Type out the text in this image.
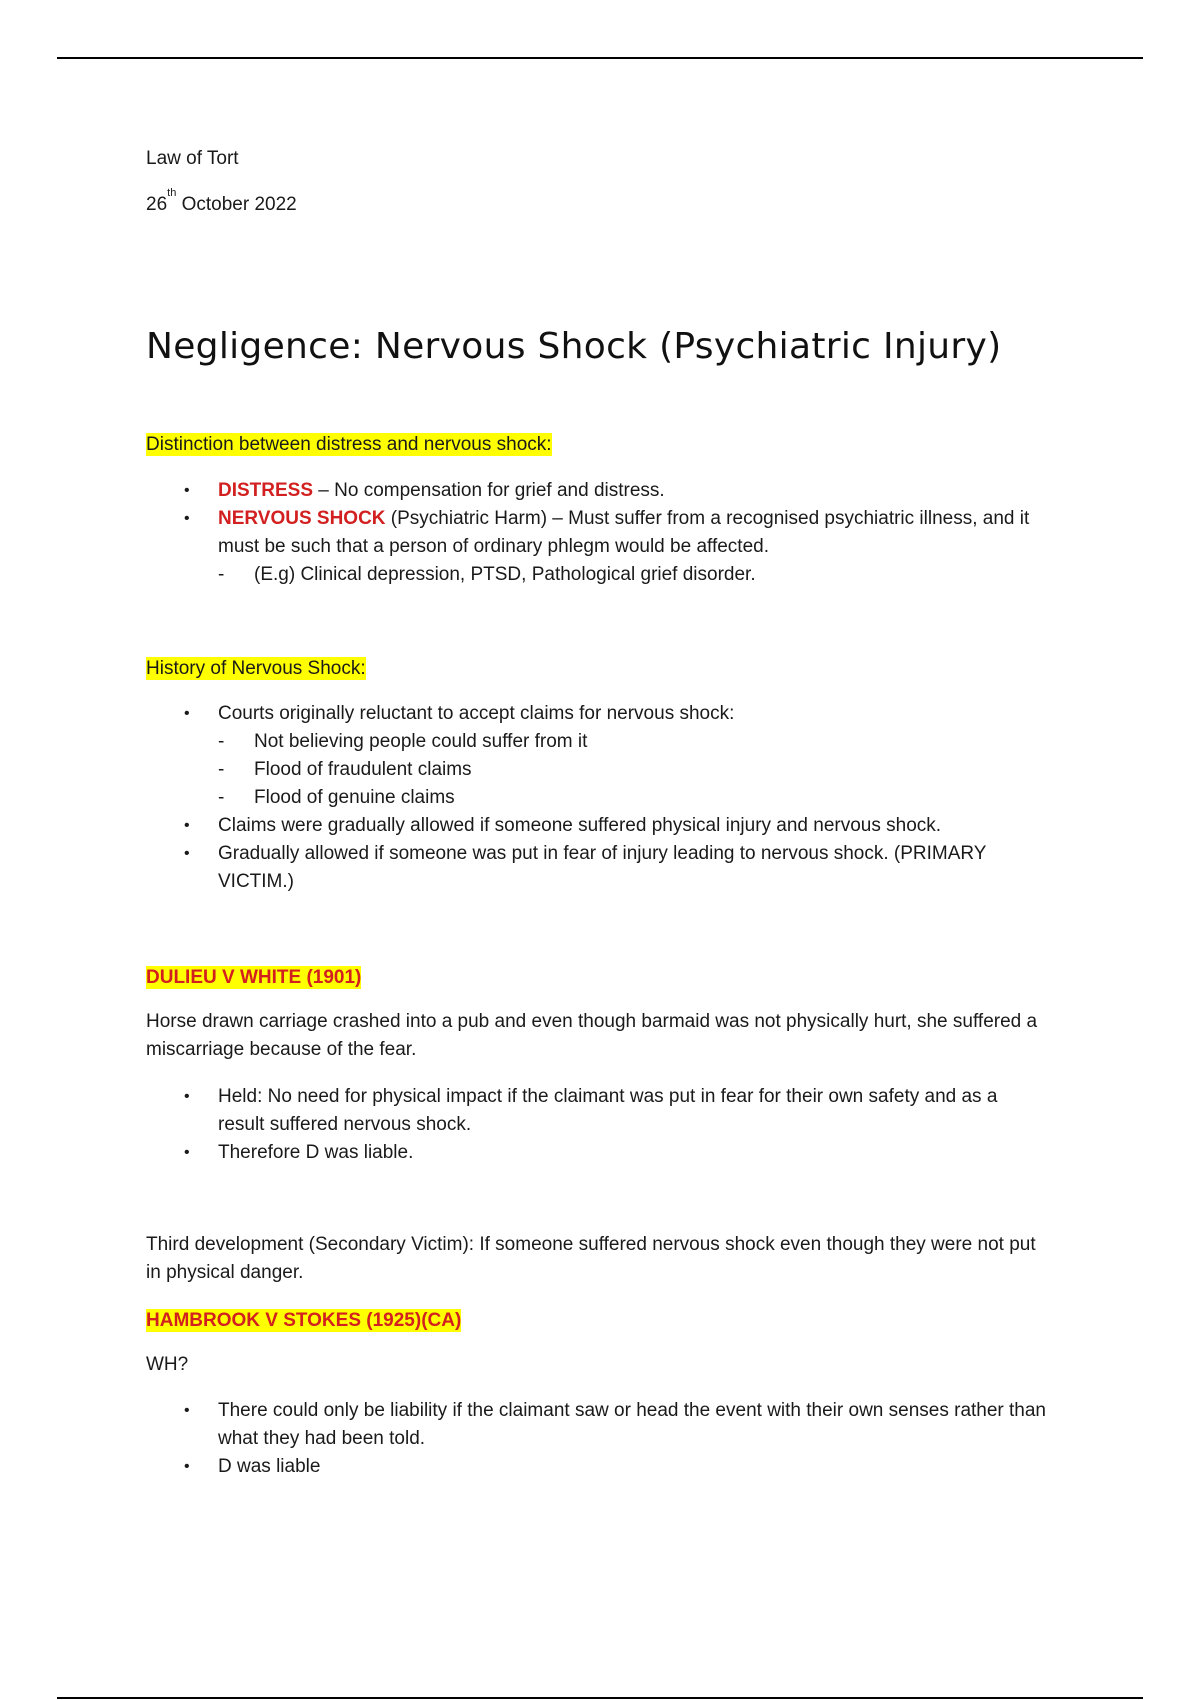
Law of Tort
26th October 2022
Negligence: Nervous Shock (Psychiatric Injury)
Distinction between distress and nervous shock:
• DISTRESS – No compensation for grief and distress.
• NERVOUS SHOCK (Psychiatric Harm) – Must suffer from a recognised psychiatric illness, and it must be such that a person of ordinary phlegm would be affected.
- (E.g) Clinical depression, PTSD, Pathological grief disorder.
History of Nervous Shock:
• Courts originally reluctant to accept claims for nervous shock:
- Not believing people could suffer from it
- Flood of fraudulent claims
- Flood of genuine claims
• Claims were gradually allowed if someone suffered physical injury and nervous shock.
• Gradually allowed if someone was put in fear of injury leading to nervous shock. (PRIMARY VICTIM.)
DULIEU V WHITE (1901)

Horse drawn carriage crashed into a pub and even though barmaid was not physically hurt, she suffered a miscarriage because of the fear.

• Held: No need for physical impact if the claimant was put in fear for their own safety and as a result suffered nervous shock.
• Therefore D was liable.

Third development (Secondary Victim): If someone suffered nervous shock even though they were not put in physical danger.

HAMBROOK V STOKES (1925)(CA)

WH?

• There could only be liability if the claimant saw or head the event with their own senses rather than what they had been told.
• D was liable
